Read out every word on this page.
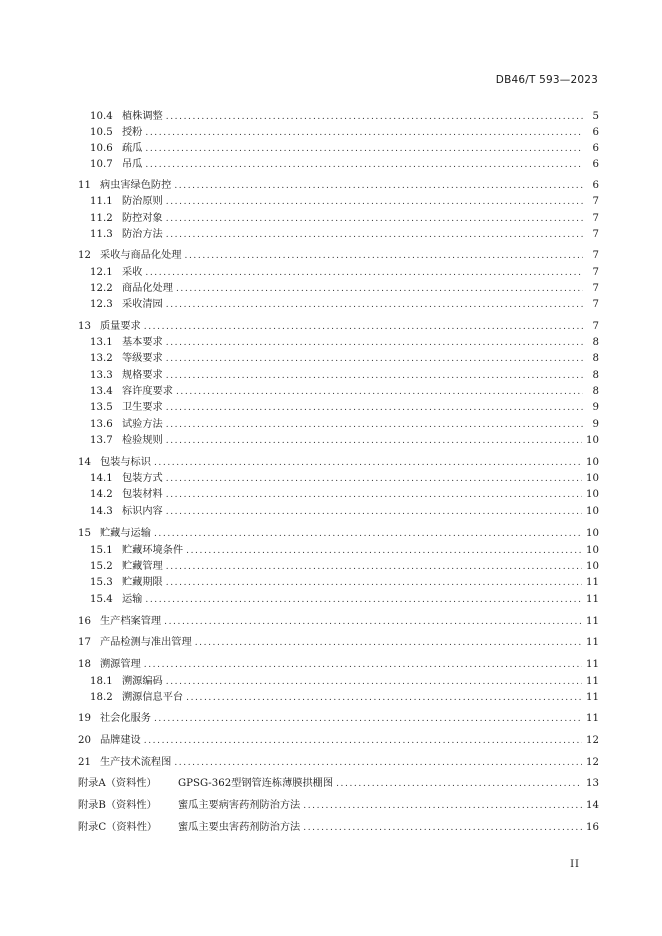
DB46/T 593—2023
10.4 植株调整 .....	5
10.5 授粉 .....	6
10.6 疏瓜 .....	6
10.7 吊瓜 .....	6
11 病虫害绿色防控 .....	6
11.1 防治原则 .....	7
11.2 防控对象 .....	7
11.3 防治方法 .....	7
12 采收与商品化处理 .....	7
12.1 采收 .....	7
12.2 商品化处理 .....	7
12.3 采收清园 .....	7
13 质量要求 .....	7
13.1 基本要求 .....	8
13.2 等级要求 .....	8
13.3 规格要求 .....	8
13.4 容许度要求 .....	8
13.5 卫生要求 .....	9
13.6 试验方法 .....	9
13.7 检验规则 .....	10
14 包装与标识 .....	10
14.1 包装方式 .....	10
14.2 包装材料 .....	10
14.3 标识内容 .....	10
15 贮藏与运输 .....	10
15.1 贮藏环境条件 .....	10
15.2 贮藏管理 .....	10
15.3 贮藏期限 .....	11
15.4 运输 .....	11
16 生产档案管理 .....	11
17 产品检测与准出管理 .....	11
18 溯源管理 .....	11
18.1 溯源编码 .....	11
18.2 溯源信息平台 .....	11
19 社会化服务 .....	11
20 品牌建设 .....	12
21 生产技术流程图 .....	12
附录A（资料性）	GPSG-362型钢管连栋薄膜拱棚图 .....	13
附录B（资料性）	蜜瓜主要病害药剂防治方法 .....	14
附录C（资料性）	蜜瓜主要虫害药剂防治方法 .....	16
II
